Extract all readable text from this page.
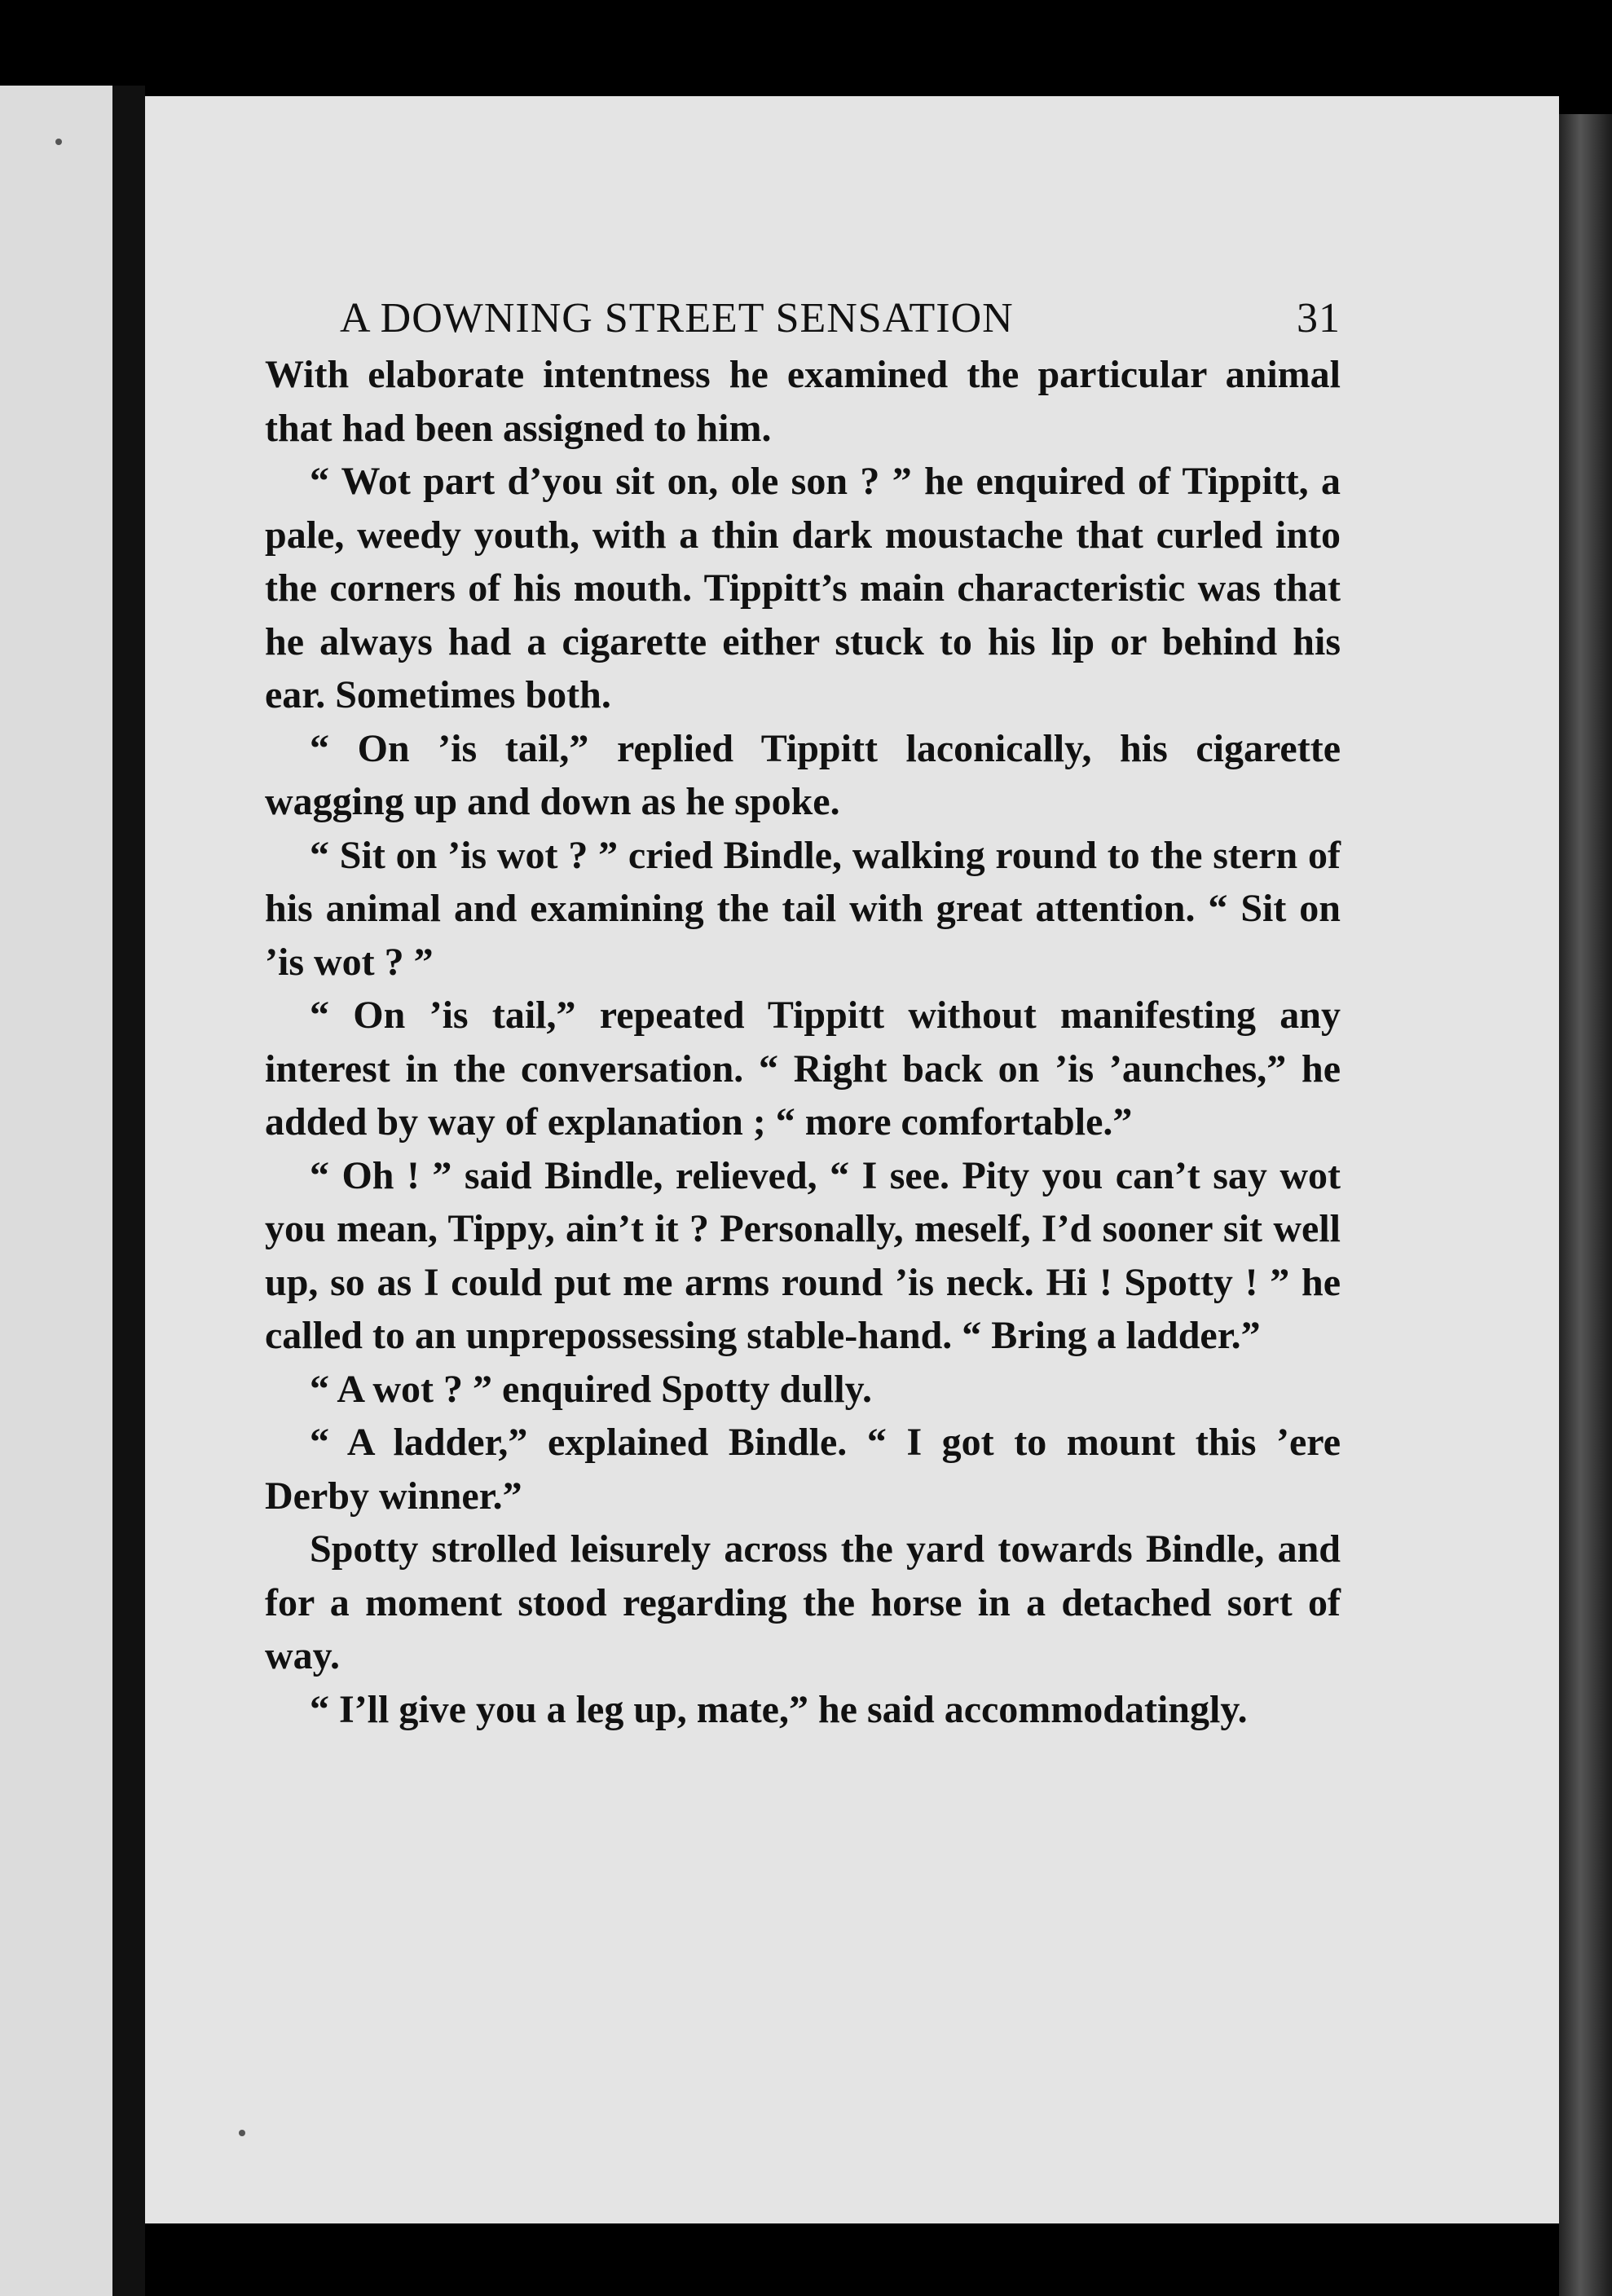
A DOWNING STREET SENSATION	31

With elaborate intentness he examined the particular animal that had been assigned to him.

“ Wot part d’you sit on, ole son ? ” he enquired of Tippitt, a pale, weedy youth, with a thin dark moustache that curled into the corners of his mouth. Tippitt’s main characteristic was that he always had a cigarette either stuck to his lip or behind his ear. Sometimes both.

“ On ’is tail,” replied Tippitt laconically, his cigarette wagging up and down as he spoke.

“ Sit on ’is wot ? ” cried Bindle, walking round to the stern of his animal and examining the tail with great attention. “ Sit on ’is wot ? ”

“ On ’is tail,” repeated Tippitt without manifesting any interest in the conversation. “ Right back on ’is ’aunches,” he added by way of explanation ; “ more comfortable.”

“ Oh ! ” said Bindle, relieved, “ I see. Pity you can’t say wot you mean, Tippy, ain’t it ? Personally, meself, I’d sooner sit well up, so as I could put me arms round ’is neck. Hi ! Spotty ! ” he called to an unprepossessing stable-hand. “ Bring a ladder.”

“ A wot ? ” enquired Spotty dully.

“ A ladder,” explained Bindle. “ I got to mount this ’ere Derby winner.”

Spotty strolled leisurely across the yard towards Bindle, and for a moment stood regarding the horse in a detached sort of way.

“ I’ll give you a leg up, mate,” he said accommodatingly.
